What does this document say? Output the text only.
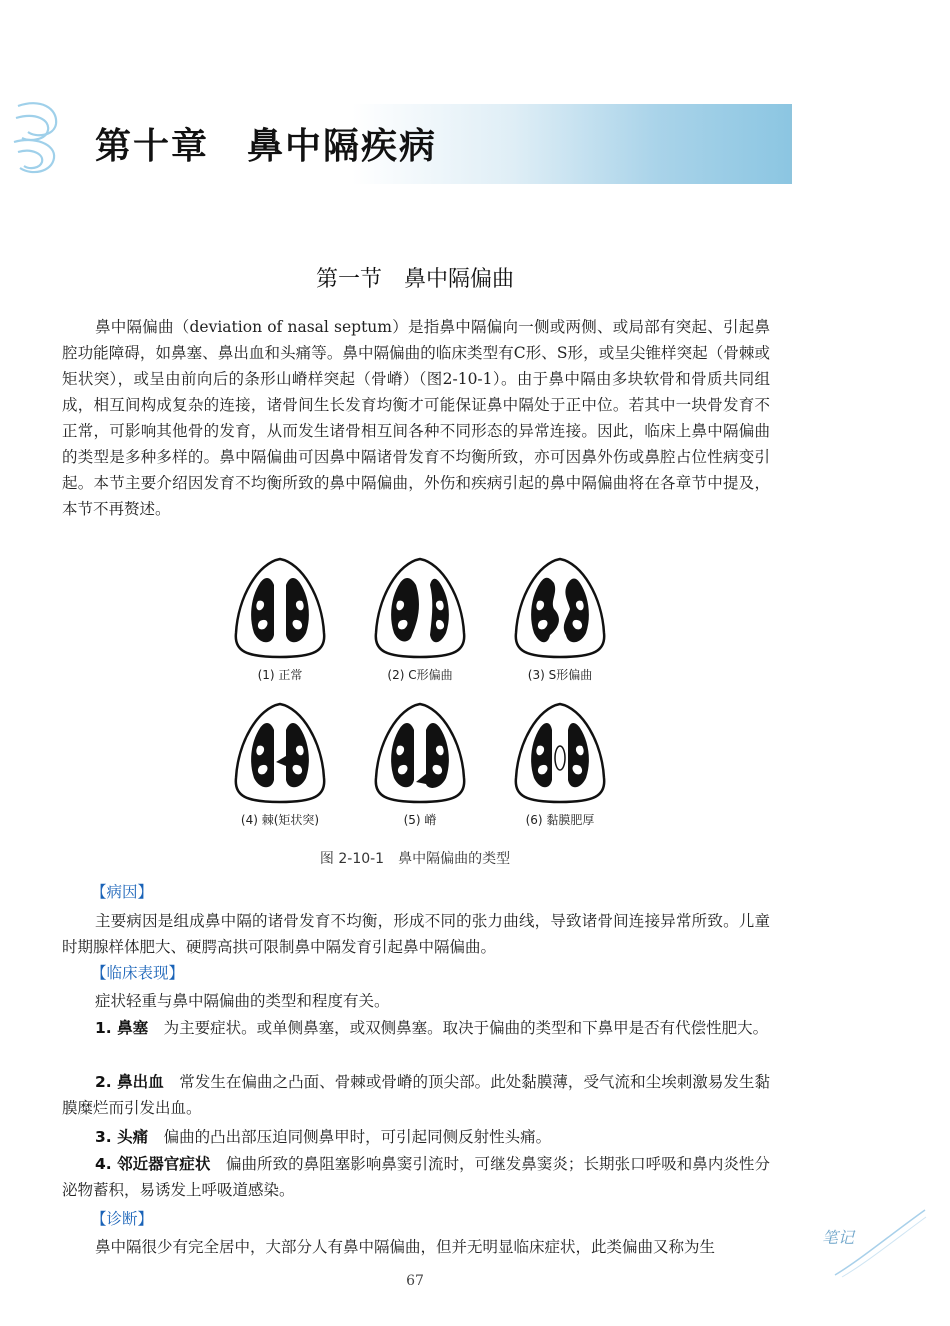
第十章　鼻中隔疾病
第一节　鼻中隔偏曲

鼻中隔偏曲（deviation of nasal septum）是指鼻中隔偏向一侧或两侧、或局部有突起、引起鼻腔功能障碍，如鼻塞、鼻出血和头痛等。鼻中隔偏曲的临床类型有C形、S形，或呈尖锥样突起（骨棘或矩状突），或呈由前向后的条形山嵴样突起（骨嵴）（图2-10-1）。由于鼻中隔由多块软骨和骨质共同组成，相互间构成复杂的连接，诸骨间生长发育均衡才可能保证鼻中隔处于正中位。若其中一块骨发育不正常，可影响其他骨的发育，从而发生诸骨相互间各种不同形态的异常连接。因此，临床上鼻中隔偏曲的类型是多种多样的。鼻中隔偏曲可因鼻中隔诸骨发育不均衡所致，亦可因鼻外伤或鼻腔占位性病变引起。本节主要介绍因发育不均衡所致的鼻中隔偏曲，外伤和疾病引起的鼻中隔偏曲将在各章节中提及，本节不再赘述。

(1) 正常	(2) C形偏曲	(3) S形偏曲
(4) 棘(矩状突)	(5) 嵴	(6) 黏膜肥厚

图 2-10-1　鼻中隔偏曲的类型

【病因】

主要病因是组成鼻中隔的诸骨发育不均衡，形成不同的张力曲线，导致诸骨间连接异常所致。儿童时期腺样体肥大、硬腭高拱可限制鼻中隔发育引起鼻中隔偏曲。

【临床表现】

症状轻重与鼻中隔偏曲的类型和程度有关。

1. 鼻塞　 为主要症状。或单侧鼻塞，或双侧鼻塞。取决于偏曲的类型和下鼻甲是否有代偿性肥大。

2. 鼻出血　 常发生在偏曲之凸面、骨棘或骨嵴的顶尖部。此处黏膜薄，受气流和尘埃刺激易发生黏膜糜烂而引发出血。

3. 头痛　 偏曲的凸出部压迫同侧鼻甲时，可引起同侧反射性头痛。

4. 邻近器官症状　 偏曲所致的鼻阻塞影响鼻窦引流时，可继发鼻窦炎；长期张口呼吸和鼻内炎性分泌物蓄积，易诱发上呼吸道感染。

【诊断】

鼻中隔很少有完全居中，大部分人有鼻中隔偏曲，但并无明显临床症状，此类偏曲又称为生

67
笔记
